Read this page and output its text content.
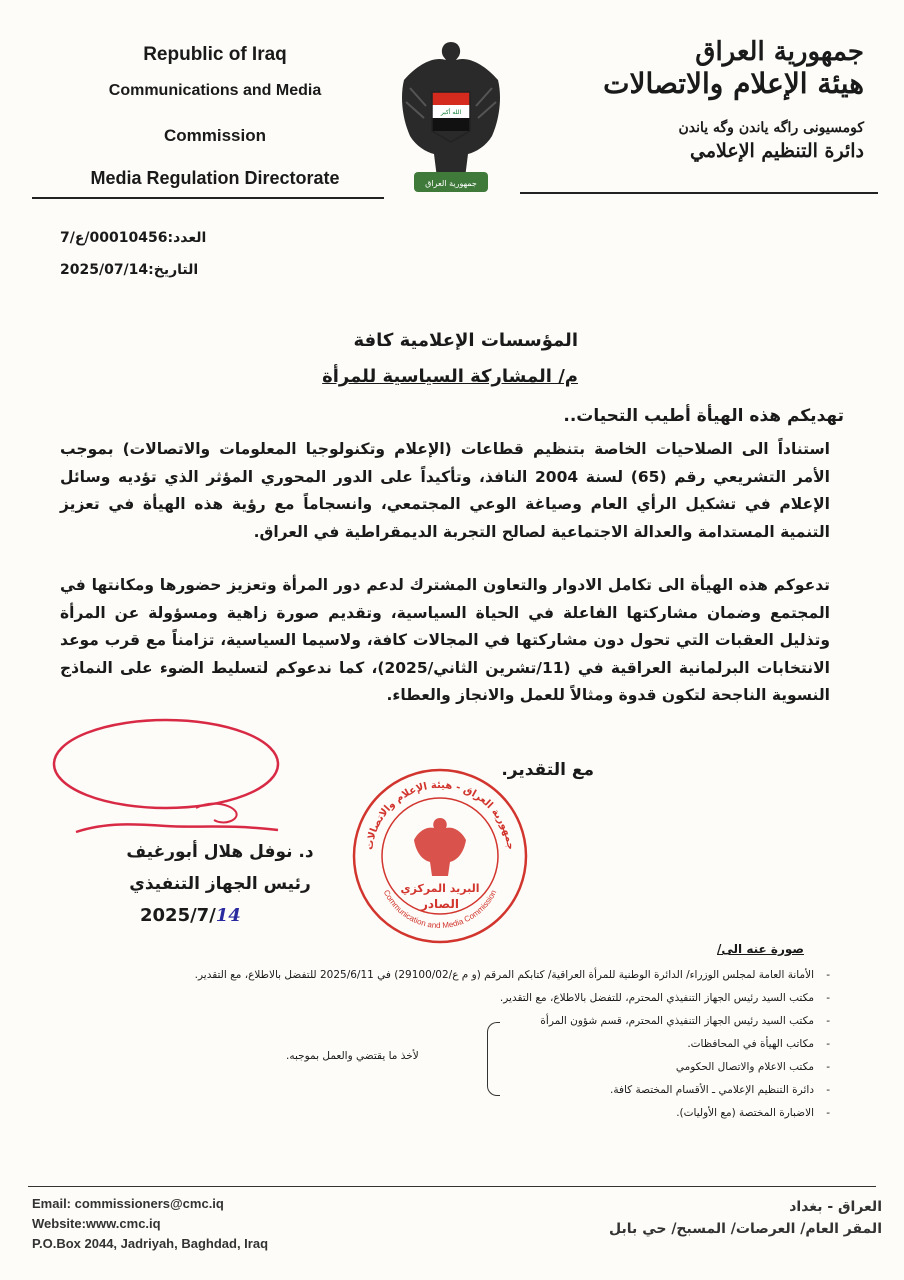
Republic of Iraq
Communications and Media
Commission
Media Regulation Directorate
الله أكبر
جمهورية العراق
جمهورية العراق
هيئة الإعلام والاتصالات
كومسيونى راگه ياندن وگه ياندن
دائرة التنظيم الإعلامي
العدد:00010456/ع/7
التاريخ:2025/07/14
المؤسسات الإعلامية كافة
م/ المشاركة السياسية للمرأة
تهديكم هذه الهيأة أطيب التحيات..
استناداً الى الصلاحيات الخاصة بتنظيم قطاعات (الإعلام وتكنولوجيا المعلومات والاتصالات) بموجب الأمر التشريعي رقم (65) لسنة 2004 النافذ، وتأكيداً على الدور المحوري المؤثر الذي تؤديه وسائل الإعلام في تشكيل الرأي العام وصياغة الوعي المجتمعي، وانسجاماً مع رؤية هذه الهيأة في تعزيز التنمية المستدامة والعدالة الاجتماعية لصالح التجربة الديمقراطية في العراق.
تدعوكم هذه الهيأة الى تكامل الادوار والتعاون المشترك لدعم دور المرأة وتعزيز حضورها ومكانتها في المجتمع وضمان مشاركتها الفاعلة في الحياة السياسية، وتقديم صورة زاهية ومسؤولة عن المرأة وتذليل العقبات التي تحول دون مشاركتها في المجالات كافة، ولاسيما السياسية، تزامناً مع قرب موعد الانتخابات البرلمانية العراقية في (11/تشرين الثاني/2025)، كما ندعوكم لتسليط الضوء على النماذج النسوية الناجحة لتكون قدوة ومثالاً للعمل والانجاز والعطاء.
مع التقدير.
د. نوفل هلال أبورغيف
رئيس الجهاز التنفيذي
2025/7/14
جمهورية العراق - هيئة الإعلام والاتصالات
Communication and Media Commission
البريد المركزي
الصادر
صورة عنه الى/
- الأمانة العامة لمجلس الوزراء/ الدائرة الوطنية للمرأة العراقية/ كتابكم المرقم (و م ع/29100/02) في 2025/6/11 للتفضل بالاطلاع، مع التقدير.
- مكتب السيد رئيس الجهاز التنفيذي المحترم، للتفضل بالاطلاع، مع التقدير.
- مكتب السيد رئيس الجهاز التنفيذي المحترم، قسم شؤون المرأة
- مكاتب الهيأة في المحافظات.
- مكتب الاعلام والاتصال الحكومي
- دائرة التنظيم الإعلامي ـ الأقسام المختصة كافة.
- الاضبارة المختصة (مع الأوليات).
لأخذ ما يقتضي والعمل بموجبه.
Email: commissioners@cmc.iq
Website:www.cmc.iq
P.O.Box 2044, Jadriyah, Baghdad, Iraq
العراق - بغداد
المقر العام/ العرصات/ المسبح/ حي بابل
